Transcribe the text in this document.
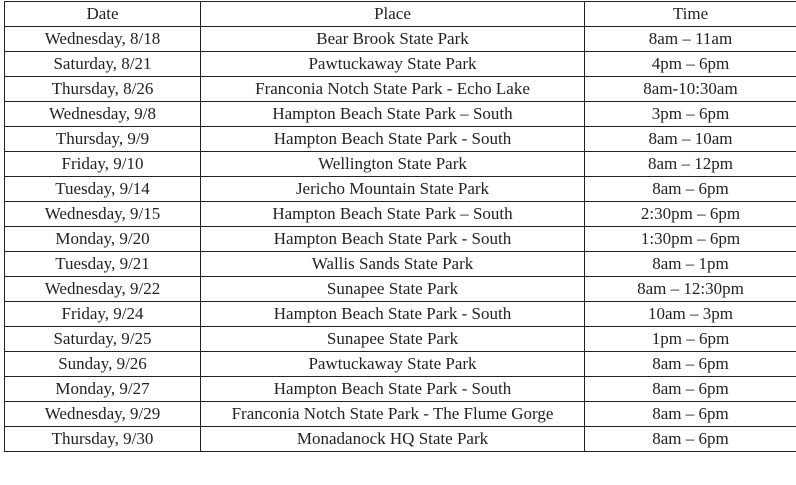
Date	Place	Time
Wednesday, 8/18	Bear Brook State Park	8am – 11am
Saturday, 8/21	Pawtuckaway State Park	4pm – 6pm
Thursday, 8/26	Franconia Notch State Park - Echo Lake	8am-10:30am
Wednesday, 9/8	Hampton Beach State Park – South	3pm – 6pm
Thursday, 9/9	Hampton Beach State Park - South	8am – 10am
Friday, 9/10	Wellington State Park	8am – 12pm
Tuesday, 9/14	Jericho Mountain State Park	8am – 6pm
Wednesday, 9/15	Hampton Beach State Park – South	2:30pm – 6pm
Monday, 9/20	Hampton Beach State Park - South	1:30pm – 6pm
Tuesday, 9/21	Wallis Sands State Park	8am – 1pm
Wednesday, 9/22	Sunapee State Park	8am – 12:30pm
Friday, 9/24	Hampton Beach State Park - South	10am – 3pm
Saturday, 9/25	Sunapee State Park	1pm – 6pm
Sunday, 9/26	Pawtuckaway State Park	8am – 6pm
Monday, 9/27	Hampton Beach State Park - South	8am – 6pm
Wednesday, 9/29	Franconia Notch State Park - The Flume Gorge	8am – 6pm
Thursday, 9/30	Monadanock HQ State Park	8am – 6pm
